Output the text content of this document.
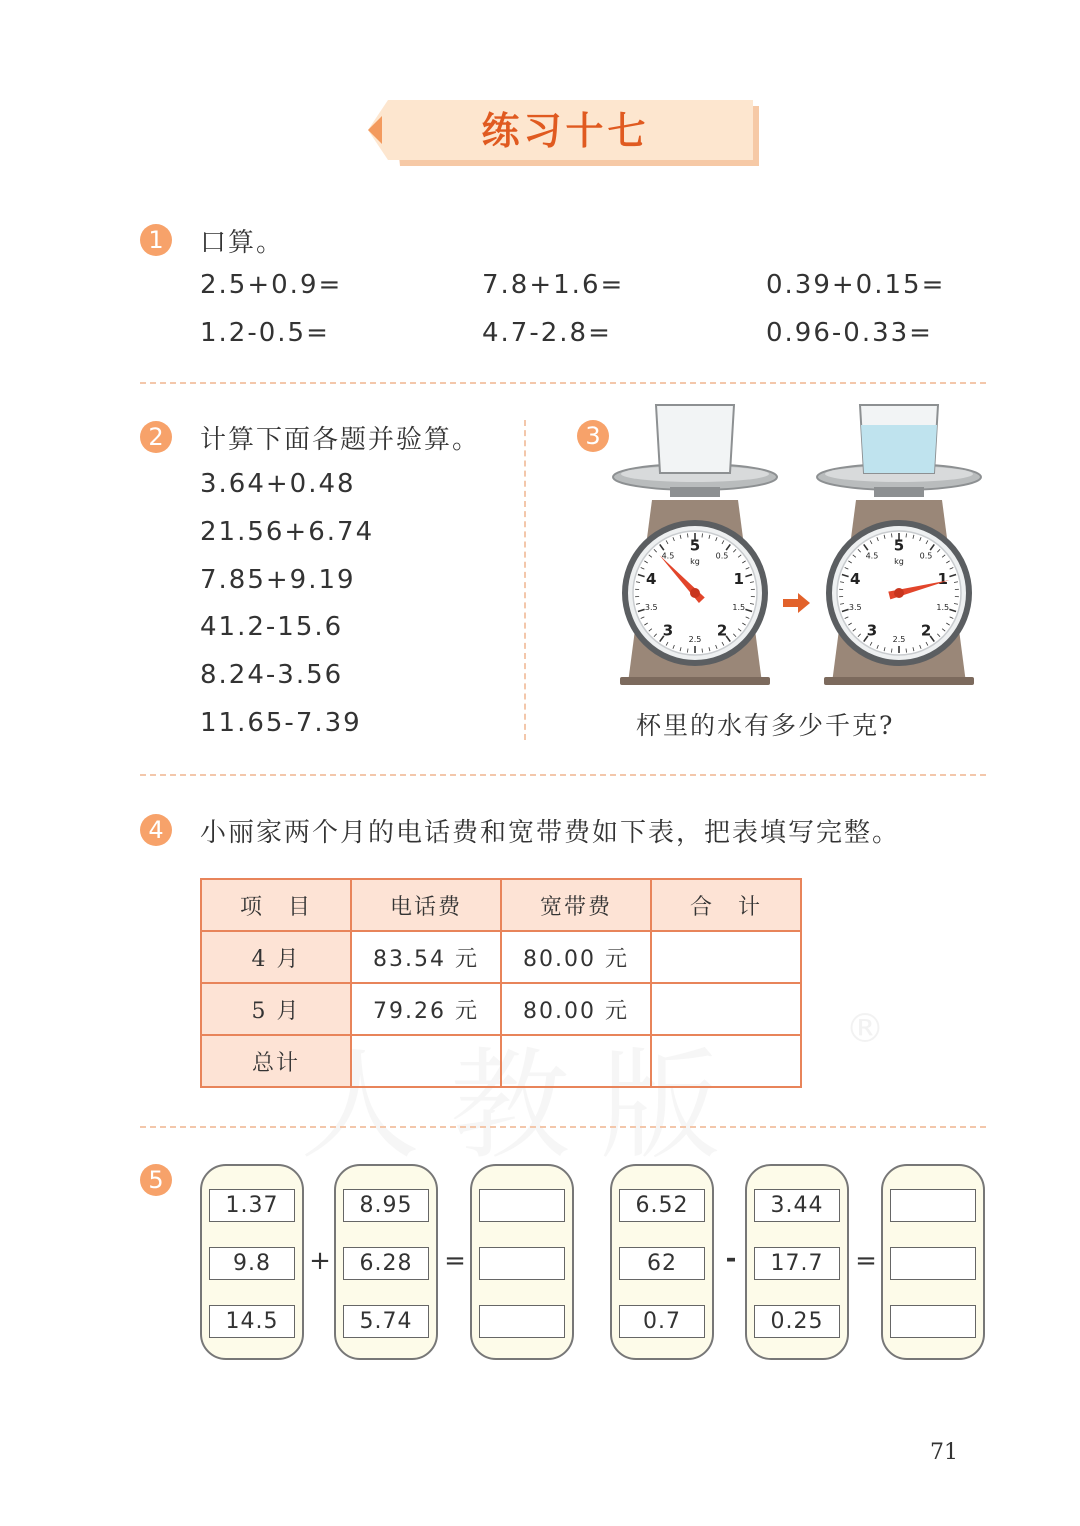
练习十七
1	口算。
2.5+0.9=	7.8+1.6=	0.39+0.15=
1.2-0.5=	4.7-2.8=	0.96-0.33=
2	计算下面各题并验算。
3.64+0.48
21.56+6.74
7.85+9.19
41.2-15.6
8.24-3.56
11.65-7.39
3
5
kg
4.5	0.5
4	1
3.5	1.5
3	2
2.5
5
kg
4.5	0.5
4	1
3.5	1.5
3	2
2.5
杯里的水有多少千克?
4	小丽家两个月的电话费和宽带费如下表，把表填写完整。
项　目	电话费	宽带费	合　计
4 月	83.54 元	80.00 元	
5 月	79.26 元	80.00 元	
总计			
®
5
1.37
9.8
14.5
+
8.95
6.28
5.74
=
6.52
62
0.7
-
3.44
17.7
0.25
=
71
